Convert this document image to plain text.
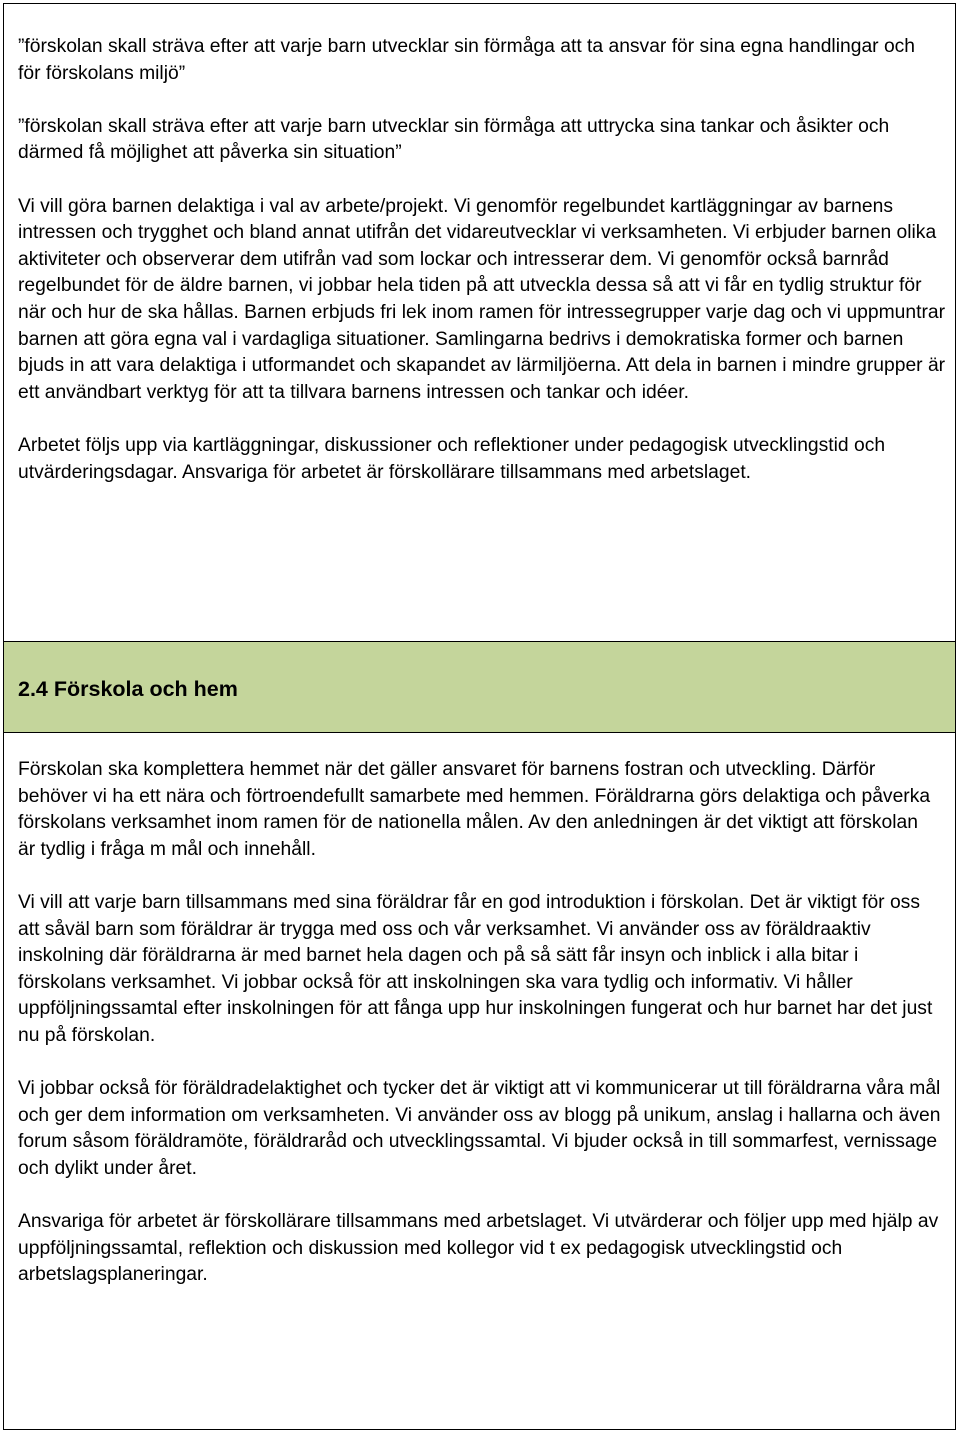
”förskolan skall sträva efter att varje barn utvecklar sin förmåga att ta ansvar för sina egna handlingar och för förskolans miljö”

”förskolan skall sträva efter att varje barn utvecklar sin förmåga att uttrycka sina tankar och åsikter och därmed få möjlighet att påverka sin situation”

Vi vill göra barnen delaktiga i val av arbete/projekt. Vi genomför regelbundet kartläggningar av barnens intressen och trygghet och bland annat utifrån det vidareutvecklar vi verksamheten. Vi erbjuder barnen olika aktiviteter och observerar dem utifrån vad som lockar och intresserar dem. Vi genomför också barnråd regelbundet för de äldre barnen, vi jobbar hela tiden på att utveckla dessa så att vi får en tydlig struktur för när och hur de ska hållas. Barnen erbjuds fri lek inom ramen för intressegrupper varje dag och vi uppmuntrar barnen att göra egna val i vardagliga situationer. Samlingarna bedrivs i demokratiska former och barnen bjuds in att vara delaktiga i utformandet och skapandet av lärmiljöerna. Att dela in barnen i mindre grupper är ett användbart verktyg för att ta tillvara barnens intressen och tankar och idéer.

Arbetet följs upp via kartläggningar, diskussioner och reflektioner under pedagogisk utvecklingstid och utvärderingsdagar. Ansvariga för arbetet är förskollärare tillsammans med arbetslaget.

2.4 Förskola och hem

Förskolan ska komplettera hemmet när det gäller ansvaret för barnens fostran och utveckling. Därför behöver vi ha ett nära och förtroendefullt samarbete med hemmen. Föräldrarna görs delaktiga och påverka förskolans verksamhet inom ramen för de nationella målen. Av den anledningen är det viktigt att förskolan är tydlig i fråga m mål och innehåll.

Vi vill att varje barn tillsammans med sina föräldrar får en god introduktion i förskolan. Det är viktigt för oss att såväl barn som föräldrar är trygga med oss och vår verksamhet. Vi använder oss av föräldraaktiv inskolning där föräldrarna är med barnet hela dagen och på så sätt får insyn och inblick i alla bitar i förskolans verksamhet. Vi jobbar också för att inskolningen ska vara tydlig och informativ. Vi håller uppföljningssamtal efter inskolningen för att fånga upp hur inskolningen fungerat och hur barnet har det just nu på förskolan.

Vi jobbar också för föräldradelaktighet och tycker det är viktigt att vi kommunicerar ut till föräldrarna våra mål och ger dem information om verksamheten. Vi använder oss av blogg på unikum, anslag i hallarna och även forum såsom föräldramöte, föräldraråd och utvecklingssamtal. Vi bjuder också in till sommarfest, vernissage och dylikt under året.

Ansvariga för arbetet är förskollärare tillsammans med arbetslaget. Vi utvärderar och följer upp med hjälp av uppföljningssamtal, reflektion och diskussion med kollegor vid t ex pedagogisk utvecklingstid och arbetslagsplaneringar.
